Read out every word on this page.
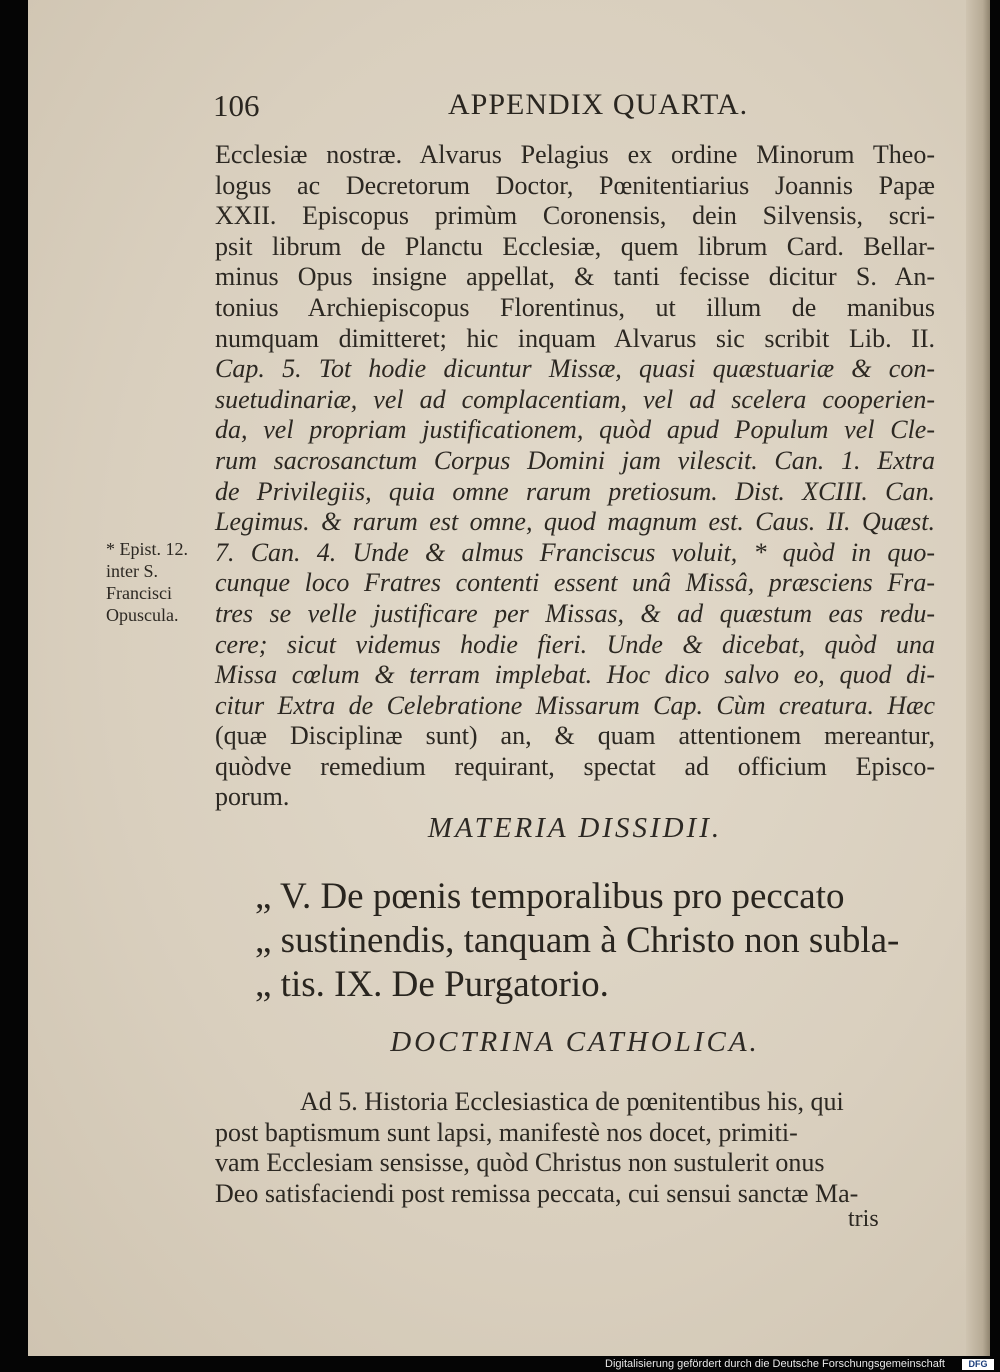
106	APPENDIX QUARTA.
* Epist. 12.
inter S.
Francisci
Opuscula.

Ecclesiæ nostræ. Alvarus Pelagius ex ordine Minorum Theo-
logus ac Decretorum Doctor, Pœnitentiarius Joannis Papæ
XXII. Episcopus primùm Coronensis, dein Silvensis, scri-
psit librum de Planctu Ecclesiæ, quem librum Card. Bellar-
minus Opus insigne appellat, & tanti fecisse dicitur S. An-
tonius Archiepiscopus Florentinus, ut illum de manibus
numquam dimitteret; hic inquam Alvarus sic scribit Lib. II.
Cap. 5. Tot hodie dicuntur Missæ, quasi quæstuariæ & con-
suetudinariæ, vel ad complacentiam, vel ad scelera cooperien-
da, vel propriam justificationem, quòd apud Populum vel Cle-
rum sacrosanctum Corpus Domini jam vilescit. Can. 1. Extra
de Privilegiis, quia omne rarum pretiosum. Dist. XCIII. Can.
Legimus. & rarum est omne, quod magnum est. Caus. II. Quæst.
7. Can. 4. Unde & almus Franciscus voluit, * quòd in quo-
cunque loco Fratres contenti essent unâ Missâ, præsciens Fra-
tres se velle justificare per Missas, & ad quæstum eas redu-
cere; sicut videmus hodie fieri. Unde & dicebat, quòd una
Missa cœlum & terram implebat. Hoc dico salvo eo, quod di-
citur Extra de Celebratione Missarum Cap. Cùm creatura. Hæc
(quæ Disciplinæ sunt) an, & quam attentionem mereantur,
quòdve remedium requirant, spectat ad officium Episco-
porum.

MATERIA DISSIDII.
„ V. De pœnis temporalibus pro peccato
„ sustinendis, tanquam à Christo non subla-
„ tis. IX. De Purgatorio.
DOCTRINA CATHOLICA.
Ad 5. Historia Ecclesiastica de pœnitentibus his, qui
post baptismum sunt lapsi, manifestè nos docet, primiti-
vam Ecclesiam sensisse, quòd Christus non sustulerit onus
Deo satisfaciendi post remissa peccata, cui sensui sanctæ Ma-
tris
Digitalisierung gefördert durch die Deutsche Forschungsgemeinschaft	DFG
